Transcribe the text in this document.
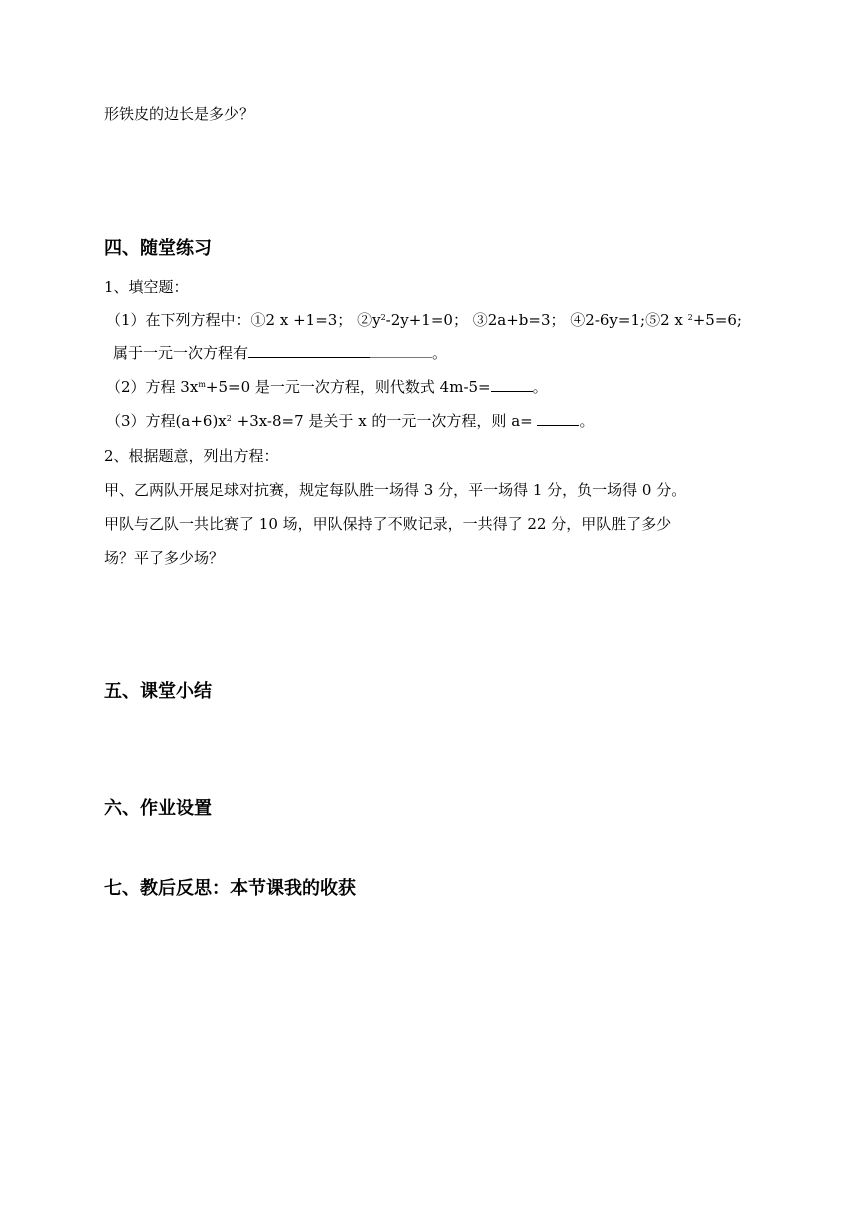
形铁皮的边长是多少？
四、随堂练习
1、填空题：
（1）在下列方程中：①2 x +1=3； $②y^2-2y+1=0$； ③2a+b=3； ④2-6y=1;⑤2 x $^2$+5=6;
属于一元一次方程有	。
（2）方程 $3x^m+5=0$ 是一元一次方程，则代数式 4m-5=	。
（3）方程$(a+6)x^2 +3x-8=7$ 是关于 x 的一元一次方程，则 a=	。
2、根据题意，列出方程：
甲、乙两队开展足球对抗赛，规定每队胜一场得 3 分，平一场得 1 分，负一场得 0 分。
甲队与乙队一共比赛了 10 场，甲队保持了不败记录，一共得了 22 分，甲队胜了多少
场？平了多少场？
五、课堂小结
六、作业设置
七、教后反思：本节课我的收获
